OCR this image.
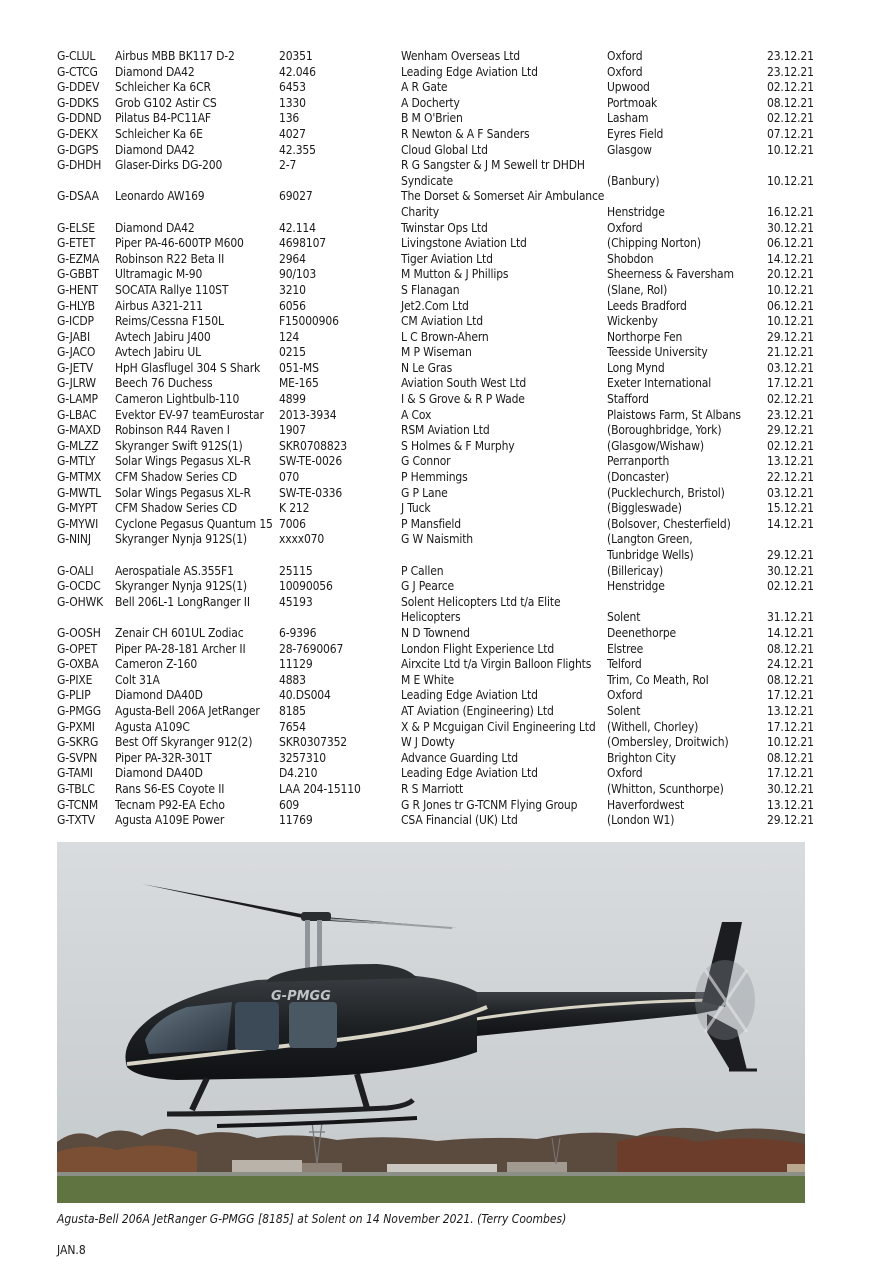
G-CLUL	Airbus MBB BK117 D-2	20351	Wenham Overseas Ltd	Oxford	23.12.21
G-CTCG	Diamond DA42	42.046	Leading Edge Aviation Ltd	Oxford	23.12.21
G-DDEV	Schleicher Ka 6CR	6453	A R Gate	Upwood	02.12.21
G-DDKS	Grob G102 Astir CS	1330	A Docherty	Portmoak	08.12.21
G-DDND	Pilatus B4-PC11AF	136	B M O'Brien	Lasham	02.12.21
G-DEKX	Schleicher Ka 6E	4027	R Newton & A F Sanders	Eyres Field	07.12.21
G-DGPS	Diamond DA42	42.355	Cloud Global Ltd	Glasgow	10.12.21
G-DHDH	Glaser-Dirks DG-200	2-7	R G Sangster & J M Sewell tr DHDH		
			Syndicate	(Banbury)	10.12.21
G-DSAA	Leonardo AW169	69027	The Dorset & Somerset Air Ambulance		
			Charity	Henstridge	16.12.21
G-ELSE	Diamond DA42	42.114	Twinstar Ops Ltd	Oxford	30.12.21
G-ETET	Piper PA-46-600TP M600	4698107	Livingstone Aviation Ltd	(Chipping Norton)	06.12.21
G-EZMA	Robinson R22 Beta II	2964	Tiger Aviation Ltd	Shobdon	14.12.21
G-GBBT	Ultramagic M-90	90/103	M Mutton & J Phillips	Sheerness & Faversham	20.12.21
G-HENT	SOCATA Rallye 110ST	3210	S Flanagan	(Slane, RoI)	10.12.21
G-HLYB	Airbus A321-211	6056	Jet2.Com Ltd	Leeds Bradford	06.12.21
G-ICDP	Reims/Cessna F150L	F15000906	CM Aviation Ltd	Wickenby	10.12.21
G-JABI	Avtech Jabiru J400	124	L C Brown-Ahern	Northorpe Fen	29.12.21
G-JACO	Avtech Jabiru UL	0215	M P Wiseman	Teesside University	21.12.21
G-JETV	HpH Glasflugel 304 S Shark	051-MS	N Le Gras	Long Mynd	03.12.21
G-JLRW	Beech 76 Duchess	ME-165	Aviation South West Ltd	Exeter International	17.12.21
G-LAMP	Cameron Lightbulb-110	4899	I & S Grove & R P Wade	Stafford	02.12.21
G-LBAC	Evektor EV-97 teamEurostar	2013-3934	A Cox	Plaistows Farm, St Albans	23.12.21
G-MAXD	Robinson R44 Raven I	1907	RSM Aviation Ltd	(Boroughbridge, York)	29.12.21
G-MLZZ	Skyranger Swift 912S(1)	SKR0708823	S Holmes & F Murphy	(Glasgow/Wishaw)	02.12.21
G-MTLY	Solar Wings Pegasus XL-R	SW-TE-0026	G Connor	Perranporth	13.12.21
G-MTMX	CFM Shadow Series CD	070	P Hemmings	(Doncaster)	22.12.21
G-MWTL	Solar Wings Pegasus XL-R	SW-TE-0336	G P Lane	(Pucklechurch, Bristol)	03.12.21
G-MYPT	CFM Shadow Series CD	K 212	J Tuck	(Biggleswade)	15.12.21
G-MYWI	Cyclone Pegasus Quantum 15	7006	P Mansfield	(Bolsover, Chesterfield)	14.12.21
G-NINJ	Skyranger Nynja 912S(1)	xxxx070	G W Naismith	(Langton Green,	
				Tunbridge Wells)	29.12.21
G-OALI	Aerospatiale AS.355F1	25115	P Callen	(Billericay)	30.12.21
G-OCDC	Skyranger Nynja 912S(1)	10090056	G J Pearce	Henstridge	02.12.21
G-OHWK	Bell 206L-1 LongRanger II	45193	Solent Helicopters Ltd t/a Elite		
			Helicopters	Solent	31.12.21
G-OOSH	Zenair CH 601UL Zodiac	6-9396	N D Townend	Deenethorpe	14.12.21
G-OPET	Piper PA-28-181 Archer II	28-7690067	London Flight Experience Ltd	Elstree	08.12.21
G-OXBA	Cameron Z-160	11129	Airxcite Ltd t/a Virgin Balloon Flights	Telford	24.12.21
G-PIXE	Colt 31A	4883	M E White	Trim, Co Meath, RoI	08.12.21
G-PLIP	Diamond DA40D	40.DS004	Leading Edge Aviation Ltd	Oxford	17.12.21
G-PMGG	Agusta-Bell 206A JetRanger	8185	AT Aviation (Engineering) Ltd	Solent	13.12.21
G-PXMI	Agusta A109C	7654	X & P Mcguigan Civil Engineering Ltd	(Withell, Chorley)	17.12.21
G-SKRG	Best Off Skyranger 912(2)	SKR0307352	W J Dowty	(Ombersley, Droitwich)	10.12.21
G-SVPN	Piper PA-32R-301T	3257310	Advance Guarding Ltd	Brighton City	08.12.21
G-TAMI	Diamond DA40D	D4.210	Leading Edge Aviation Ltd	Oxford	17.12.21
G-TBLC	Rans S6-ES Coyote II	LAA 204-15110	R S Marriott	(Whitton, Scunthorpe)	30.12.21
G-TCNM	Tecnam P92-EA Echo	609	G R Jones tr G-TCNM Flying Group	Haverfordwest	13.12.21
G-TXTV	Agusta A109E Power	11769	CSA Financial (UK) Ltd	(London W1)	29.12.21
G-PMGG
Agusta-Bell 206A JetRanger G-PMGG [8185] at Solent on 14 November 2021. (Terry Coombes)
JAN.8
